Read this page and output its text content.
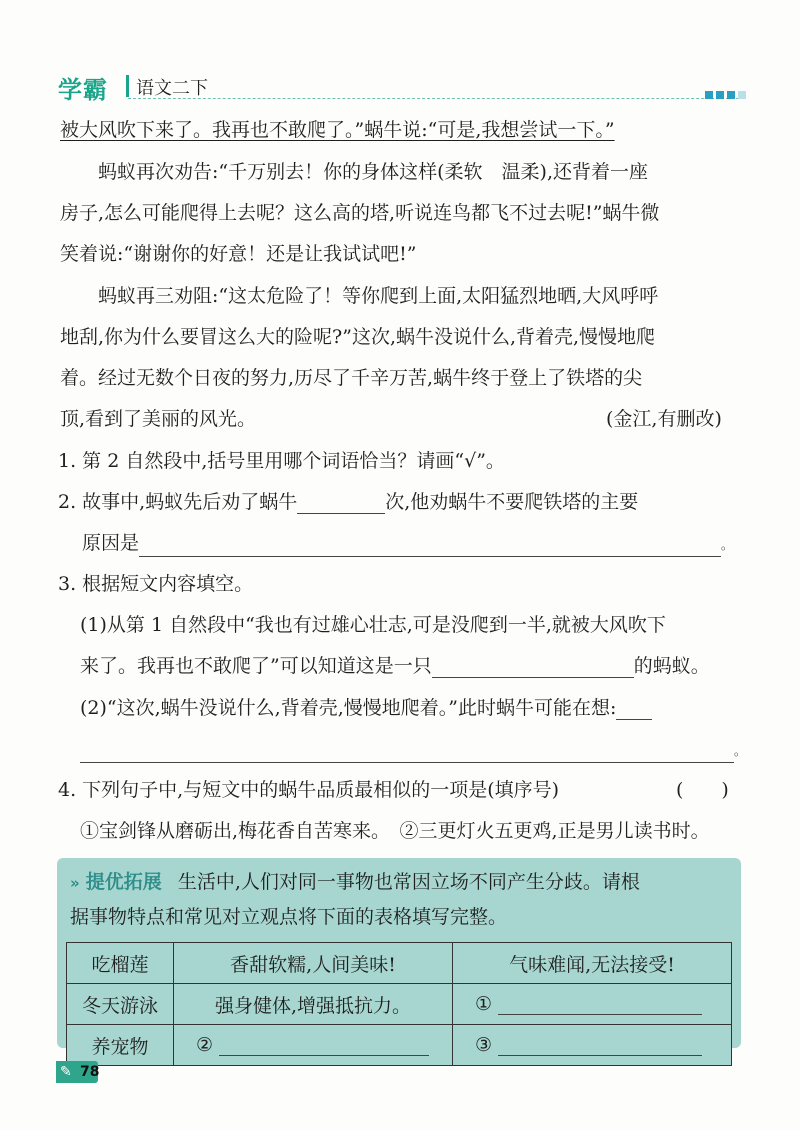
学霸 语文二下
被大风吹下来了。我再也不敢爬了。”蜗牛说:“可是,我想尝试一下。”
蚂蚁再次劝告:“千万别去！你的身体这样(柔软　温柔),还背着一座
房子,怎么可能爬得上去呢？这么高的塔,听说连鸟都飞不过去呢!”蜗牛微
笑着说:“谢谢你的好意！还是让我试试吧!”
蚂蚁再三劝阻:“这太危险了！等你爬到上面,太阳猛烈地晒,大风呼呼
地刮,你为什么要冒这么大的险呢?”这次,蜗牛没说什么,背着壳,慢慢地爬
着。经过无数个日夜的努力,历尽了千辛万苦,蜗牛终于登上了铁塔的尖
顶,看到了美丽的风光。	(金江,有删改)
1. 第 2 自然段中,括号里用哪个词语恰当？请画“√”。
2. 故事中,蚂蚁先后劝了蜗牛	次,他劝蜗牛不要爬铁塔的主要
原因是	。
3. 根据短文内容填空。
(1)从第 1 自然段中“我也有过雄心壮志,可是没爬到一半,就被大风吹下
来了。我再也不敢爬了”可以知道这是一只	的蚂蚁。
(2)“这次,蜗牛没说什么,背着壳,慢慢地爬着。”此时蜗牛可能在想:
。
4. 下列句子中,与短文中的蜗牛品质最相似的一项是(填序号)	(　　)
①宝剑锋从磨砺出,梅花香自苦寒来。　②三更灯火五更鸡,正是男儿读书时。
» 提优拓展 生活中,人们对同一事物也常因立场不同产生分歧。请根
据事物特点和常见对立观点将下面的表格填写完整。
吃榴莲	香甜软糯,人间美味!	气味难闻,无法接受!
冬天游泳	强身健体,增强抵抗力。	①
养宠物	②	③
✎ 78
